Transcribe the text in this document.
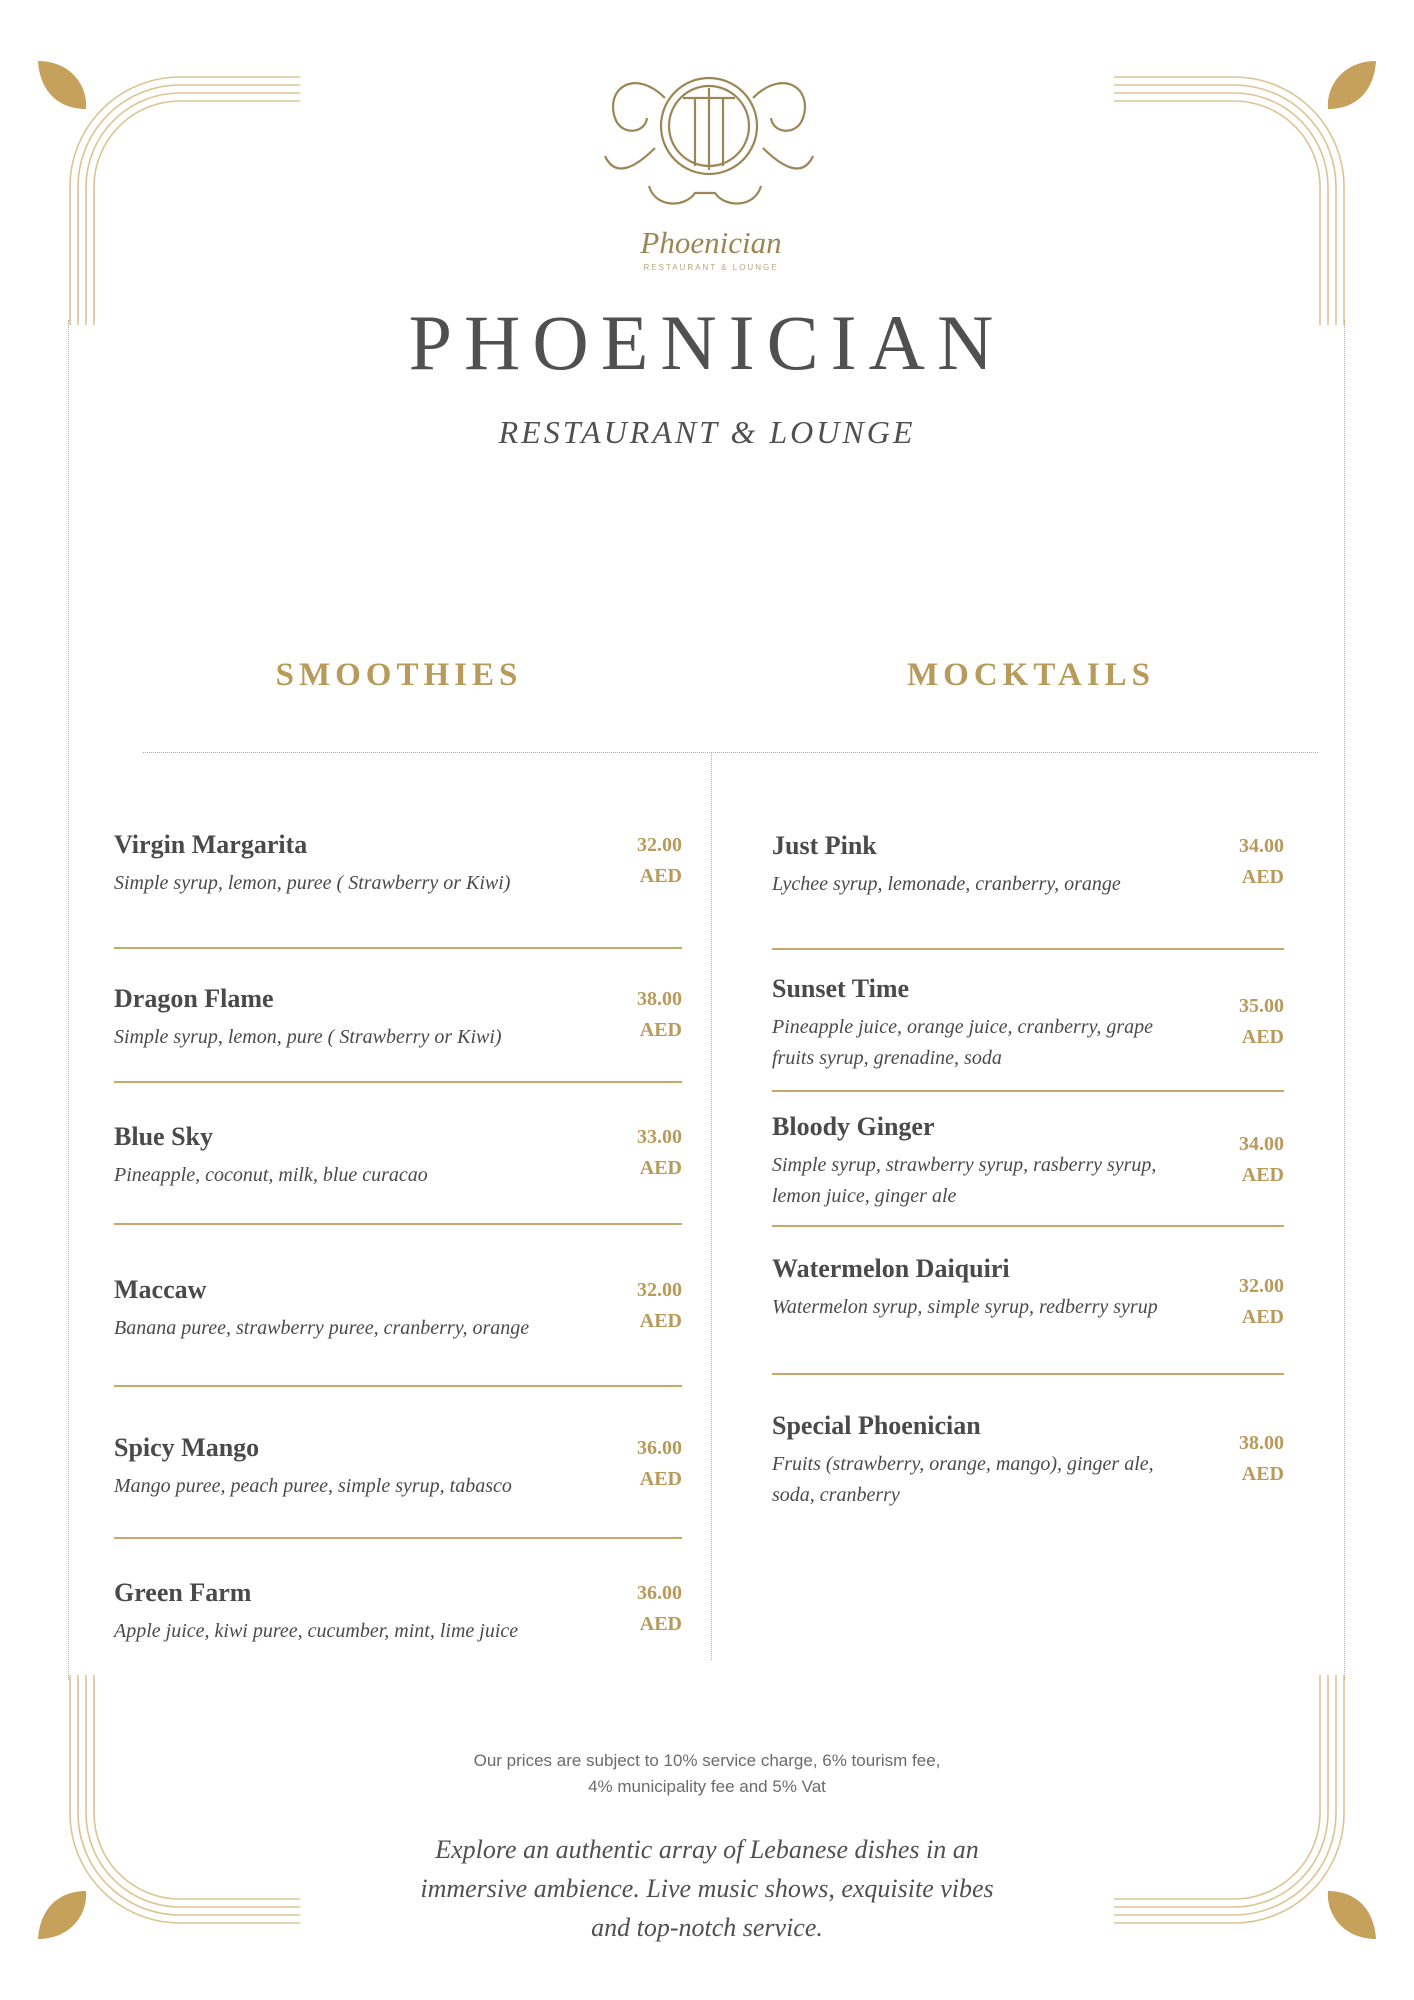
Phoenician
RESTAURANT & LOUNGE
PHOENICIAN
RESTAURANT & LOUNGE
SMOOTHIES	MOCKTAILS
Virgin Margarita
Simple syrup, lemon, puree ( Strawberry or Kiwi)
32.00
AED
Dragon Flame
Simple syrup, lemon, pure ( Strawberry or Kiwi)
38.00
AED
Blue Sky
Pineapple, coconut, milk, blue curacao
33.00
AED
Maccaw
Banana puree, strawberry puree, cranberry, orange
32.00
AED
Spicy Mango
Mango puree, peach puree, simple syrup, tabasco
36.00
AED
Green Farm
Apple juice, kiwi puree, cucumber, mint, lime juice
36.00
AED
Just Pink
Lychee syrup, lemonade, cranberry, orange
34.00
AED
Sunset Time
Pineapple juice, orange juice, cranberry, grape fruits syrup, grenadine, soda
35.00
AED
Bloody Ginger
Simple syrup, strawberry syrup, rasberry syrup, lemon juice, ginger ale
34.00
AED
Watermelon Daiquiri
Watermelon syrup, simple syrup, redberry syrup
32.00
AED
Special Phoenician
Fruits (strawberry, orange, mango), ginger ale, soda, cranberry
38.00
AED
Our prices are subject to 10% service charge, 6% tourism fee,
4% municipality fee and 5% Vat
Explore an authentic array of Lebanese dishes in an immersive ambience. Live music shows, exquisite vibes and top-notch service.
